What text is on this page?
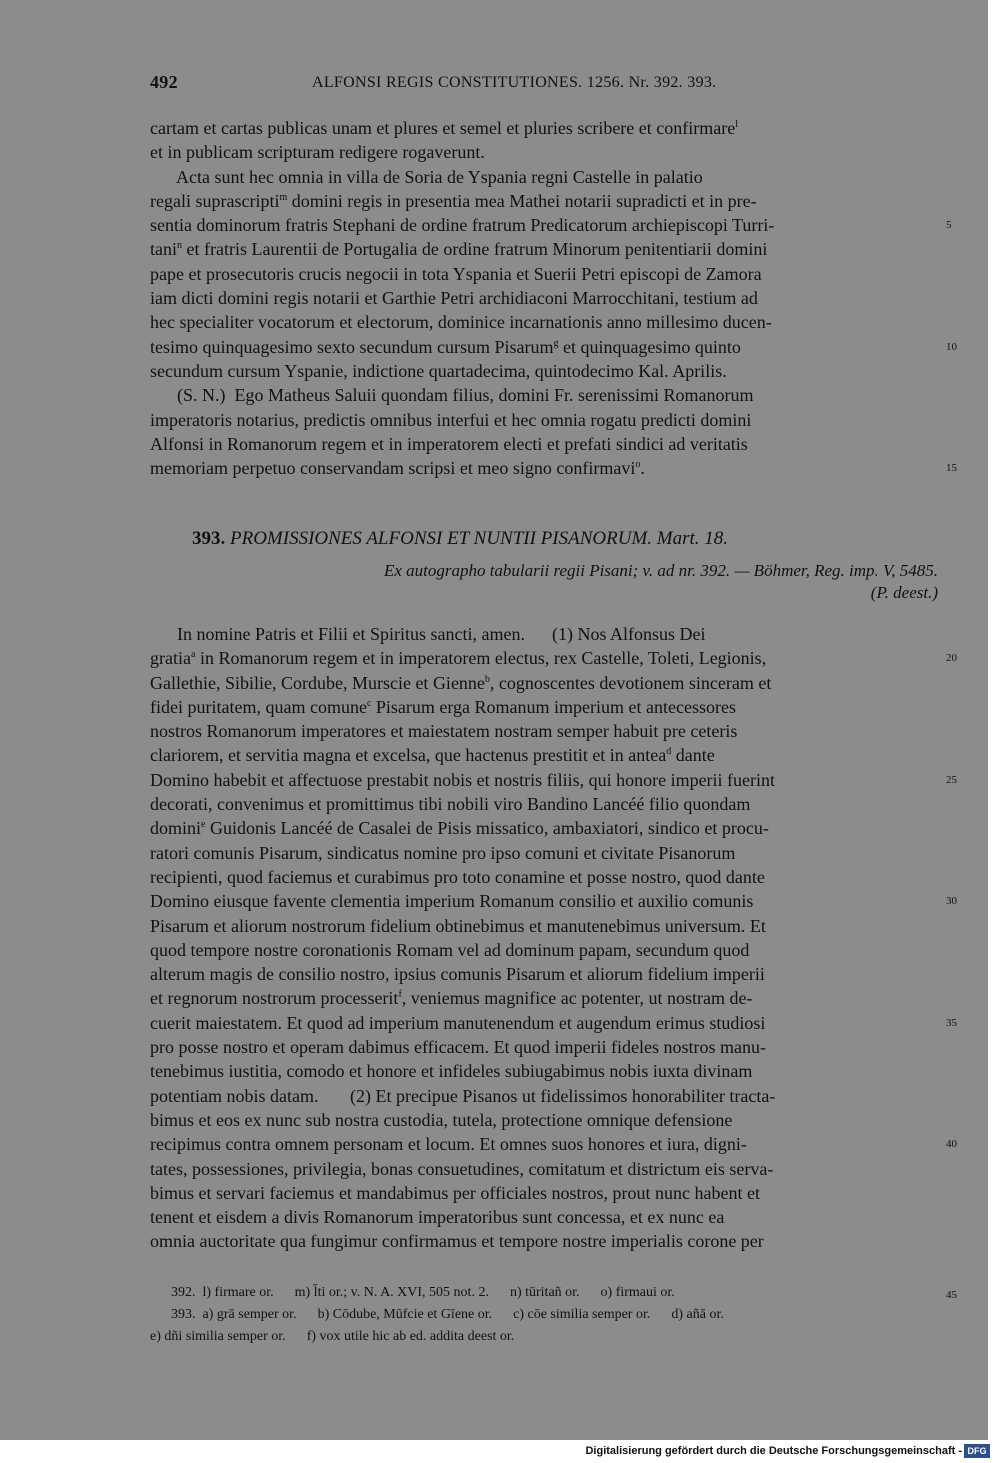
492	ALFONSI REGIS CONSTITUTIONES. 1256. Nr. 392. 393.
cartam et cartas publicas unam et plures et semel et pluries scribere et confirmare$^l$
et in publicam scripturam redigere rogaverunt.
Acta sunt hec omnia in villa de Soria de Yspania regni Castelle in palatio
regali suprascripti$^m$ domini regis in presentia mea Mathei notarii supradicti et in pre-
sentia dominorum fratris Stephani de ordine fratrum Predicatorum archiepiscopi Turri-	5
tani$^n$ et fratris Laurentii de Portugalia de ordine fratrum Minorum penitentiarii domini
pape et prosecutoris crucis negocii in tota Yspania et Suerii Petri episcopi de Zamora
iam dicti domini regis notarii et Garthie Petri archidiaconi Marrocchitani, testium ad
hec specialiter vocatorum et electorum, dominice incarnationis anno millesimo ducen-
tesimo quinquagesimo sexto secundum cursum Pisarum$^g$ et quinquagesimo quinto	10
secundum cursum Yspanie, indictione quartadecima, quintodecimo Kal. Aprilis.
(S. N.)  Ego Matheus Saluii quondam filius, domini Fr. serenissimi Romanorum
imperatoris notarius, predictis omnibus interfui et hec omnia rogatu predicti domini
Alfonsi in Romanorum regem et in imperatorem electi et prefati sindici ad veritatis
memoriam perpetuo conservandam scripsi et meo signo confirmavi$^o$.	15
393. PROMISSIONES ALFONSI ET NUNTII PISANORUM. Mart. 18.
Ex autographo tabularii regii Pisani; v. ad nr. 392. — Böhmer, Reg. imp. V, 5485.
(P. deest.)
In nomine Patris et Filii et Spiritus sancti, amen.      (1) Nos Alfonsus Dei
gratia$^a$ in Romanorum regem et in imperatorem electus, rex Castelle, Toleti, Legionis,	20
Gallethie, Sibilie, Cordube, Murscie et Gienne$^b$, cognoscentes devotionem sinceram et
fidei puritatem, quam comune$^c$ Pisarum erga Romanum imperium et antecessores
nostros Romanorum imperatores et maiestatem nostram semper habuit pre ceteris
clariorem, et servitia magna et excelsa, que hactenus prestitit et in antea$^d$ dante
Domino habebit et affectuose prestabit nobis et nostris filiis, qui honore imperii fuerint	25
decorati, convenimus et promittimus tibi nobili viro Bandino Lancéé filio quondam
domini$^e$ Guidonis Lancéé de Casalei de Pisis missatico, ambaxiatori, sindico et procu-
ratori comunis Pisarum, sindicatus nomine pro ipso comuni et civitate Pisanorum
recipienti, quod faciemus et curabimus pro toto conamine et posse nostro, quod dante
Domino eiusque favente clementia imperium Romanum consilio et auxilio comunis	30
Pisarum et aliorum nostrorum fidelium obtinebimus et manutenebimus universum. Et
quod tempore nostre coronationis Romam vel ad dominum papam, secundum quod
alterum magis de consilio nostro, ipsius comunis Pisarum et aliorum fidelium imperii
et regnorum nostrorum processerit$^f$, veniemus magnifice ac potenter, ut nostram de-
cuerit maiestatem. Et quod ad imperium manutenendum et augendum erimus studiosi	35
pro posse nostro et operam dabimus efficacem. Et quod imperii fideles nostros manu-
tenebimus iustitia, comodo et honore et infideles subiugabimus nobis iuxta divinam
potentiam nobis datam.       (2) Et precipue Pisanos ut fidelissimos honorabiliter tracta-
bimus et eos ex nunc sub nostra custodia, tutela, protectione omnique defensione
recipimus contra omnem personam et locum. Et omnes suos honores et iura, digni-	40
tates, possessiones, privilegia, bonas consuetudines, comitatum et districtum eis serva-
bimus et servari faciemus et mandabimus per officiales nostros, prout nunc habent et
tenent et eisdem a divis Romanorum imperatoribus sunt concessa, et ex nunc ea
omnia auctoritate qua fungimur confirmamus et tempore nostre imperialis corone per
392.  l) firmare or.      m) l̄ti or.; v. N. A. XVI, 505 not. 2.      n) tūritañ or.      o) firmaui or.	45
393.  a) grā semper or.      b) Cōdube, Mūfcie et Gīene or.      c) cōe similia semper or.      d) añā or.
e) dñi similia semper or.      f) vox utile hic ab ed. addita deest or.
Digitalisierung gefördert durch die Deutsche Forschungsgemeinschaft - DFG
